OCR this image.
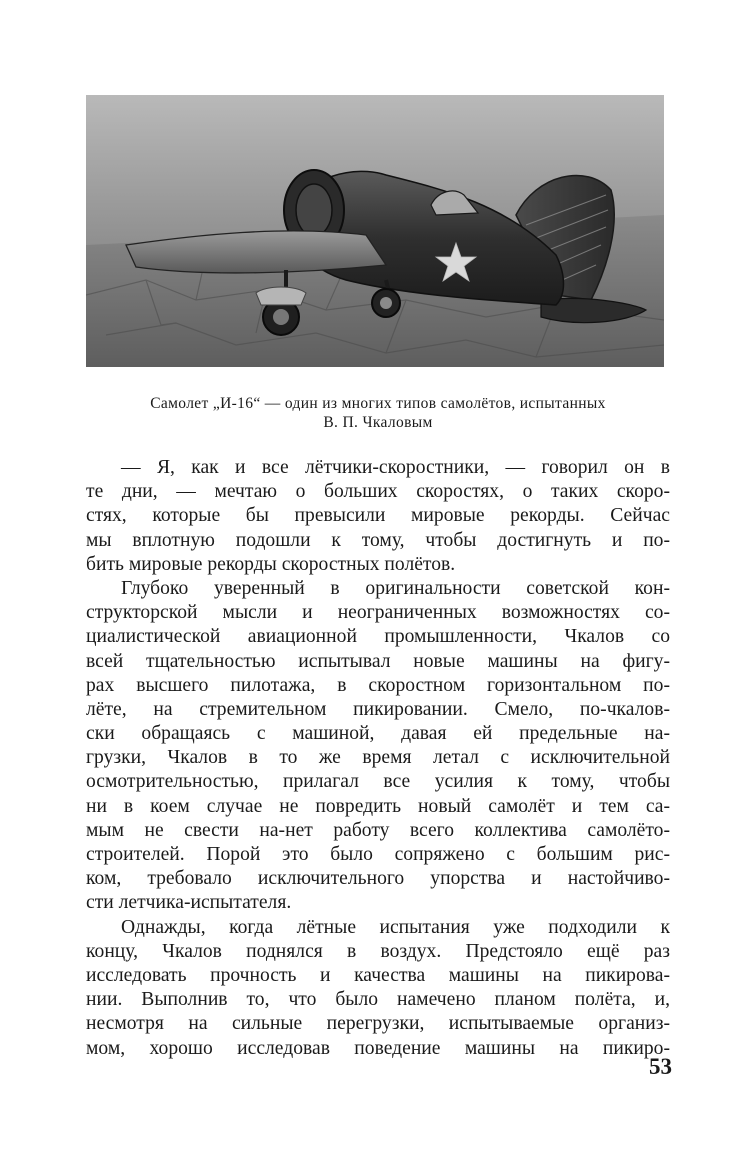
Самолет „И-16“ — один из многих типов самолётов, испытанных
В. П. Чкаловым
— Я, как и все лётчики-скоростники, — говорил он в
те дни, — мечтаю о больших скоростях, о таких скоро-
стях, которые бы превысили мировые рекорды. Сейчас
мы вплотную подошли к тому, чтобы достигнуть и по-
бить мировые рекорды скоростных полётов.
Глубоко уверенный в оригинальности советской кон-
структорской мысли и неограниченных возможностях со-
циалистической авиационной промышленности, Чкалов со
всей тщательностью испытывал новые машины на фигу-
рах высшего пилотажа, в скоростном горизонтальном по-
лёте, на стремительном пикировании. Смело, по-чкалов-
ски обращаясь с машиной, давая ей предельные на-
грузки, Чкалов в то же время летал с исключительной
осмотрительностью, прилагал все усилия к тому, чтобы
ни в коем случае не повредить новый самолёт и тем са-
мым не свести на-нет работу всего коллектива самолёто-
строителей. Порой это было сопряжено с большим рис-
ком, требовало исключительного упорства и настойчиво-
сти летчика-испытателя.
Однажды, когда лётные испытания уже подходили к
концу, Чкалов поднялся в воздух. Предстояло ещё раз
исследовать прочность и качества машины на пикирова-
нии. Выполнив то, что было намечено планом полёта, и,
несмотря на сильные перегрузки, испытываемые организ-
мом, хорошо исследовав поведение машины на пикиро-
53
